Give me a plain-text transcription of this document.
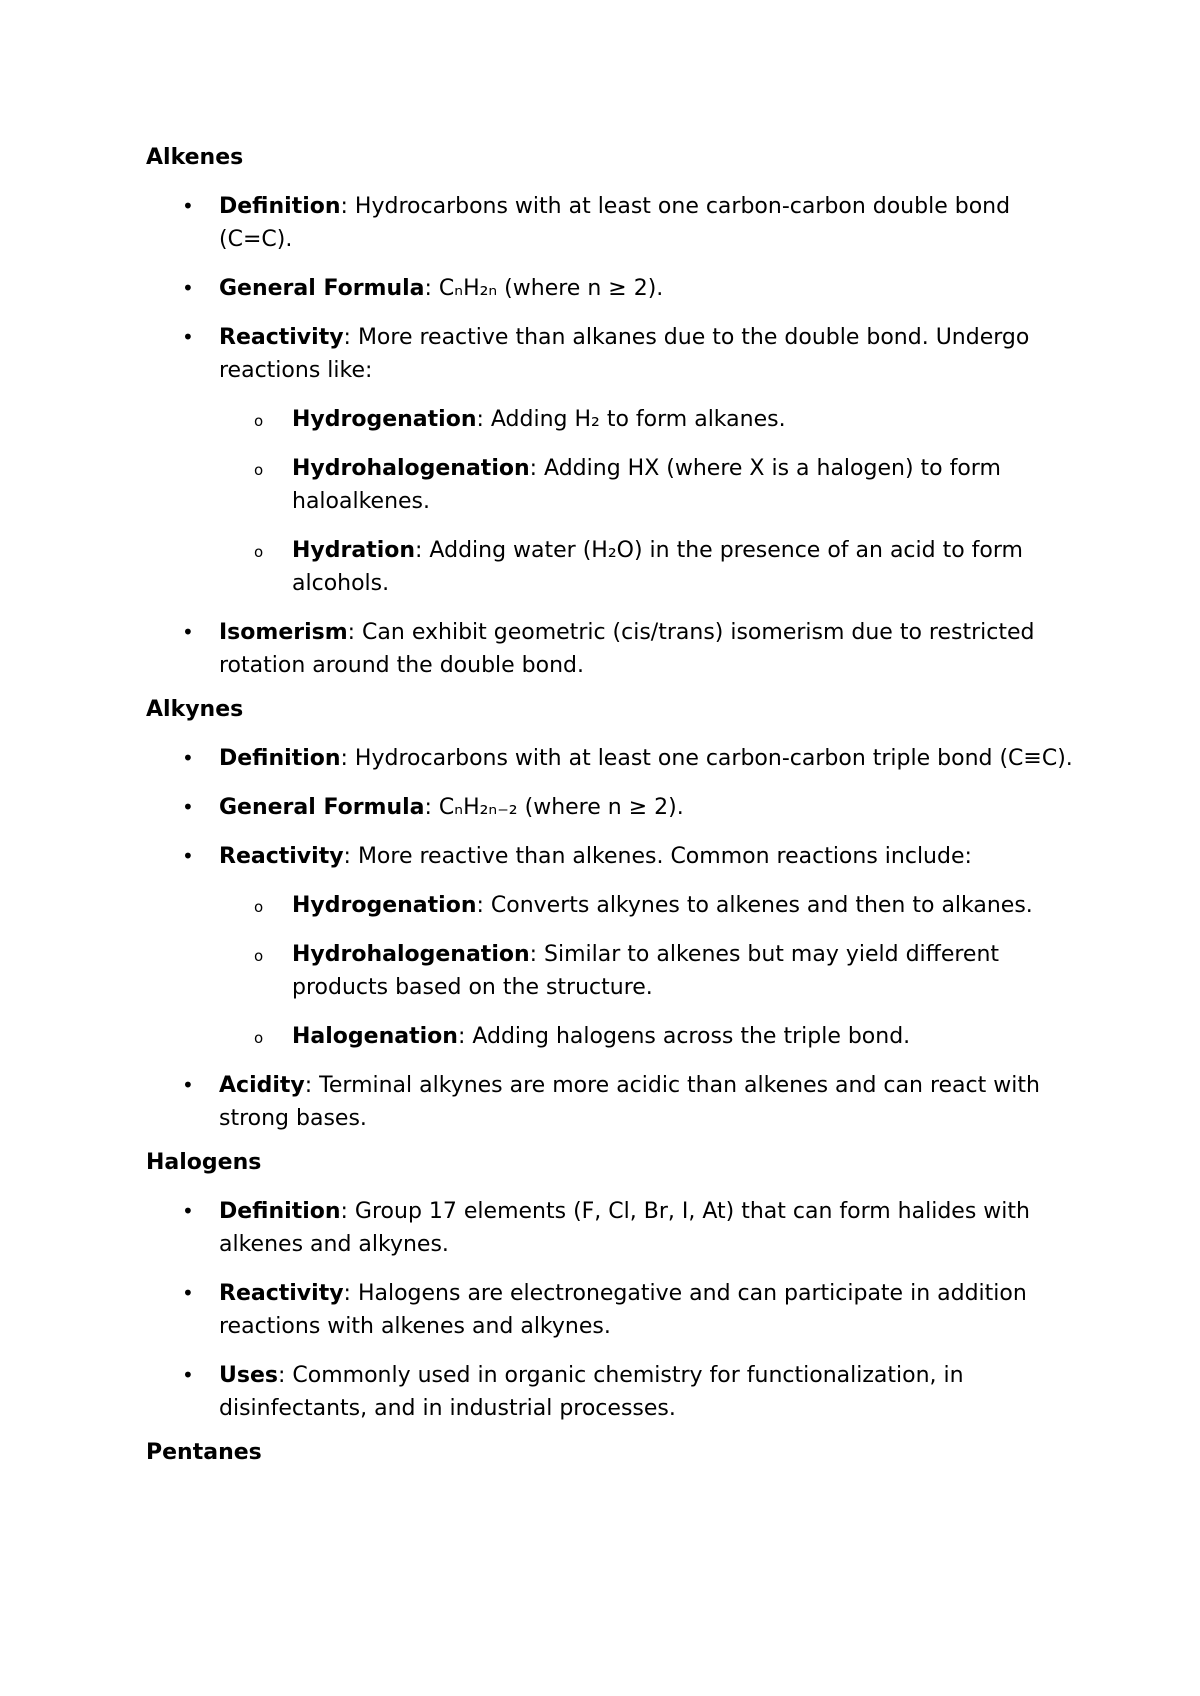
Alkenes
• Definition: Hydrocarbons with at least one carbon-carbon double bond (C=C).
• General Formula: CₙH₂ₙ (where n ≥ 2).
• Reactivity: More reactive than alkanes due to the double bond. Undergo reactions like:
o Hydrogenation: Adding H₂ to form alkanes.
o Hydrohalogenation: Adding HX (where X is a halogen) to form haloalkenes.
o Hydration: Adding water (H₂O) in the presence of an acid to form alcohols.
• Isomerism: Can exhibit geometric (cis/trans) isomerism due to restricted rotation around the double bond.
Alkynes
• Definition: Hydrocarbons with at least one carbon-carbon triple bond (C≡C).
• General Formula: CₙH₂ₙ₋₂ (where n ≥ 2).
• Reactivity: More reactive than alkenes. Common reactions include:
o Hydrogenation: Converts alkynes to alkenes and then to alkanes.
o Hydrohalogenation: Similar to alkenes but may yield different products based on the structure.
o Halogenation: Adding halogens across the triple bond.
• Acidity: Terminal alkynes are more acidic than alkenes and can react with strong bases.
Halogens
• Definition: Group 17 elements (F, Cl, Br, I, At) that can form halides with alkenes and alkynes.
• Reactivity: Halogens are electronegative and can participate in addition reactions with alkenes and alkynes.
• Uses: Commonly used in organic chemistry for functionalization, in disinfectants, and in industrial processes.
Pentanes
